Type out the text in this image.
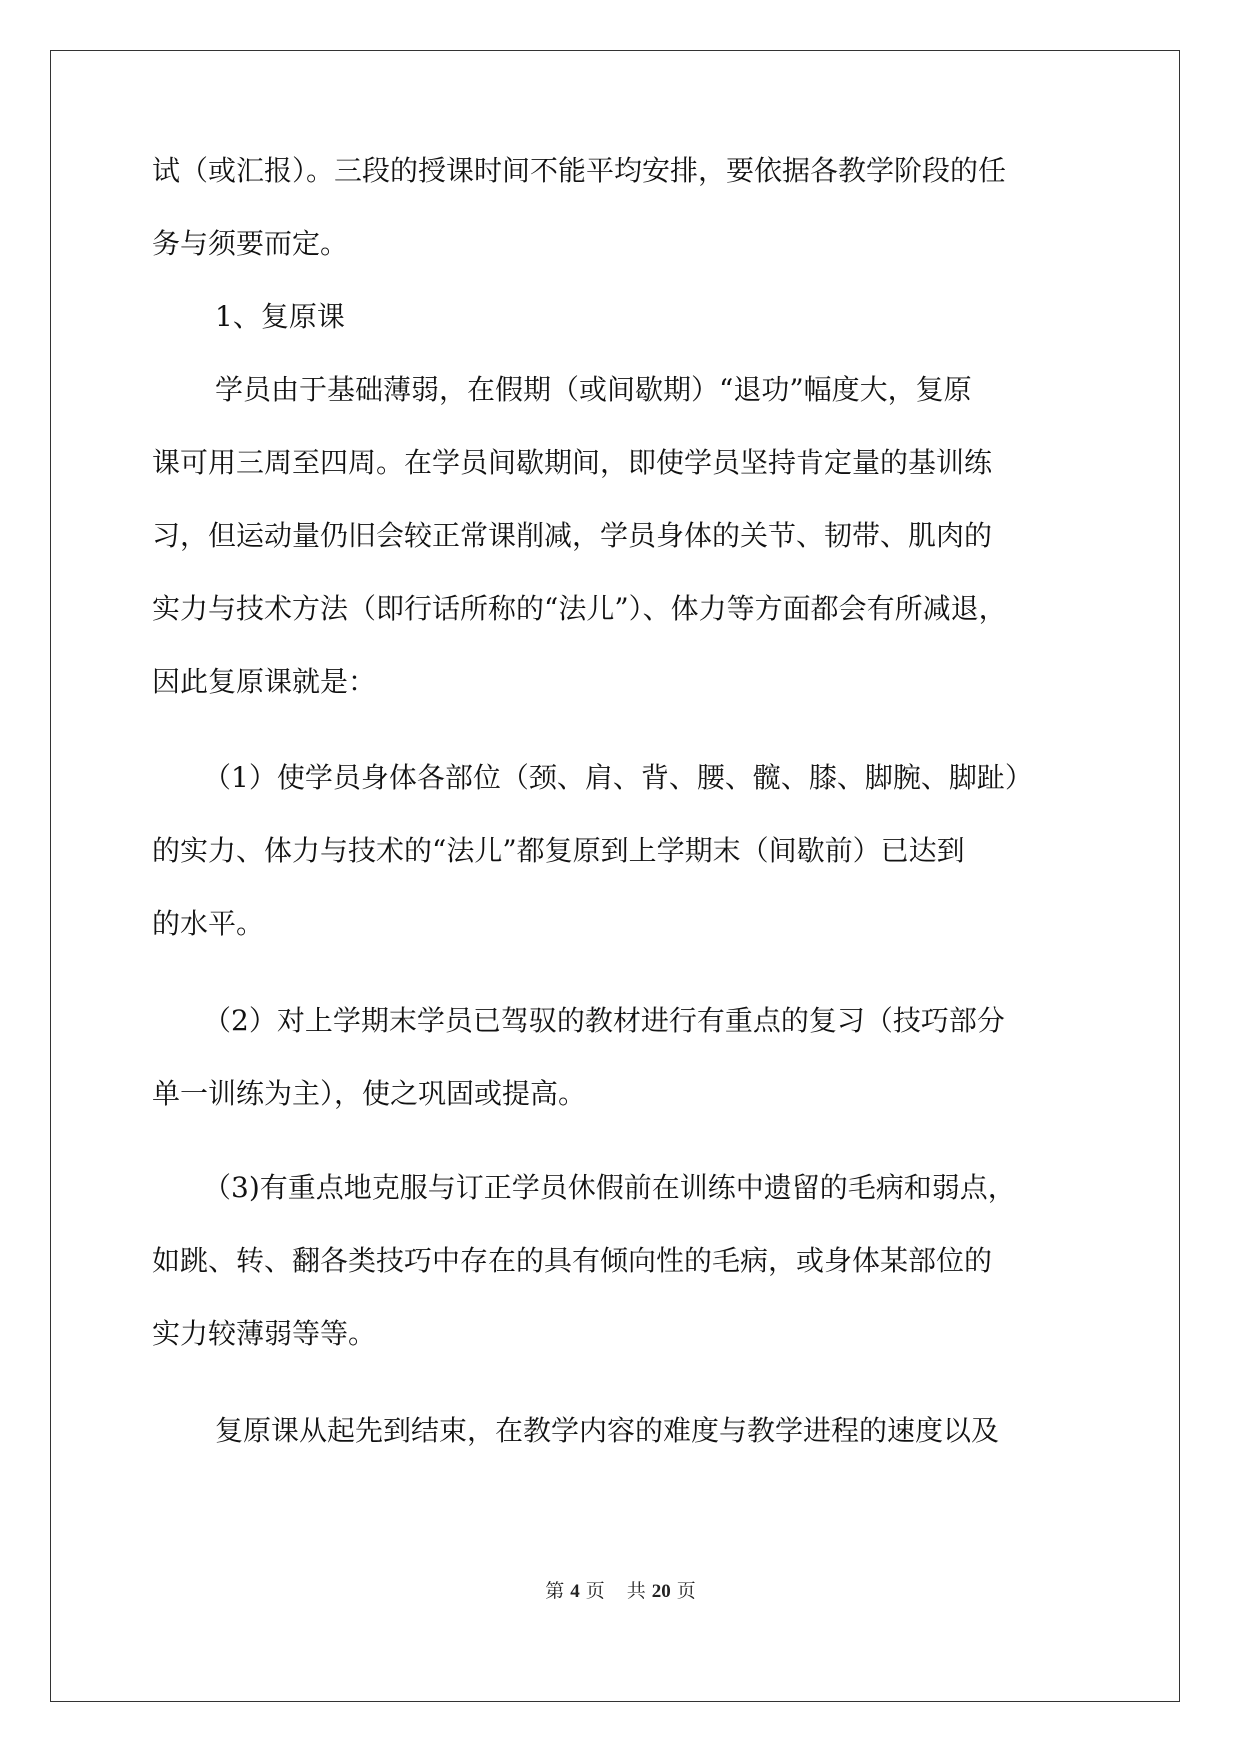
试（或汇报）。三段的授课时间不能平均安排，要依据各教学阶段的任
务与须要而定。
1、复原课
学员由于基础薄弱，在假期（或间歇期）“退功”幅度大，复原
课可用三周至四周。在学员间歇期间，即使学员坚持肯定量的基训练
习，但运动量仍旧会较正常课削减，学员身体的关节、韧带、肌肉的
实力与技术方法（即行话所称的“法儿”）、体力等方面都会有所减退，
因此复原课就是：
（1）使学员身体各部位（颈、肩、背、腰、髋、膝、脚腕、脚趾）
的实力、体力与技术的“法儿”都复原到上学期末（间歇前）已达到
的水平。
（2）对上学期末学员已驾驭的教材进行有重点的复习（技巧部分
单一训练为主），使之巩固或提高。
（3)有重点地克服与订正学员休假前在训练中遗留的毛病和弱点，
如跳、转、翻各类技巧中存在的具有倾向性的毛病，或身体某部位的
实力较薄弱等等。
复原课从起先到结束，在教学内容的难度与教学进程的速度以及
第 4 页 共 20 页
